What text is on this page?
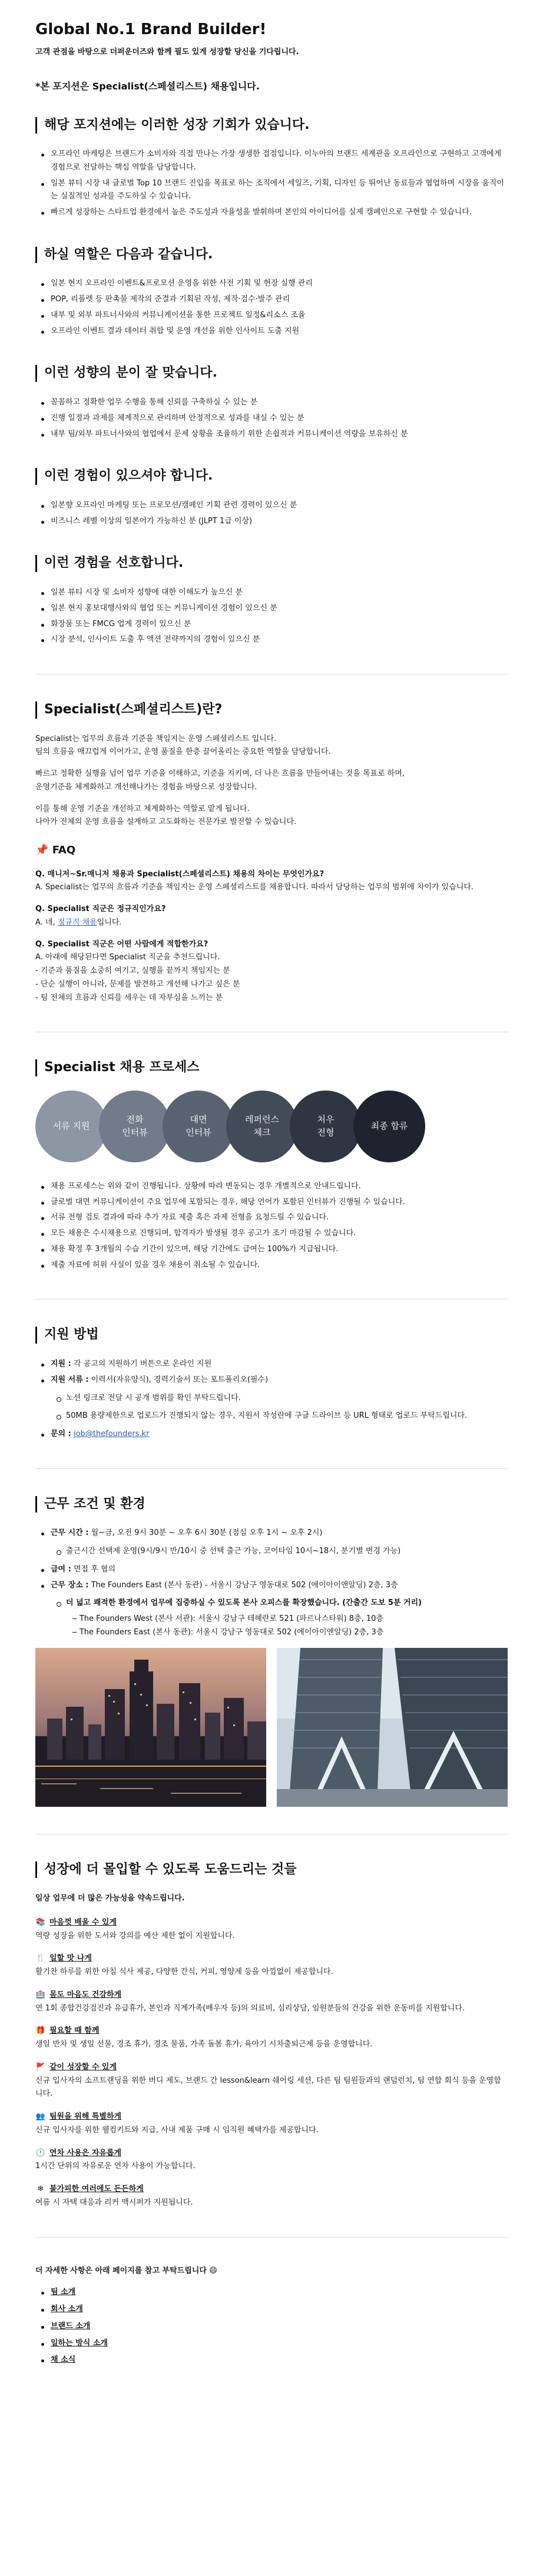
Global No.1 Brand Builder!
고객 관점을 바탕으로 더퍼운더즈와 함께 필도 있게 성장할 당신을 기다립니다.
*본 포지션은 Specialist(스페셜리스트) 채용입니다.
해당 포지션에는 이러한 성장 기회가 있습니다.
오프라인 마케팅은 브랜드가 소비자와 직접 만나는 가장 생생한 접점입니다. 이누아의 브랜드 세계관을 오프라인으로 구현하고 고객에게 경험으로 전달하는 핵심 역할을 담당합니다.
일본 뷰티 시장 내 글로벌 Top 10 브랜드 진입을 목표로 하는 조직에서 세일즈, 기획, 디자인 등 뛰어난 동료들과 협업하며 시장을 움직이는 실질적인 성과를 주도하실 수 있습니다.
빠르게 성장하는 스타트업 환경에서 높은 주도성과 자율성을 발휘하며 본인의 아이디어를 실제 캠페인으로 구현할 수 있습니다.
하실 역할은 다음과 같습니다.
일본 현지 오프라인 이벤트&프로모션 운영을 위한 사전 기획 및 현장 실행 관리
POP, 리플렛 등 판촉물 제작의 준결과 기획된 작성, 제작·검수·발주 관리
내부 및 외부 파트너사와의 커뮤니케이션을 통한 프로젝트 일정&리소스 조율
오프라인 이벤트 결과 데이터 취합 및 운영 개선을 위한 인사이트 도출 지원
이런 성향의 분이 잘 맞습니다.
꼼꼼하고 정확한 업무 수행을 통해 신뢰를 구축하실 수 있는 분
진행 일정과 과제를 체계적으로 관리하며 안정적으로 성과를 내실 수 있는 분
내부 팀/외부 파트너사와의 협업에서 문제 상황을 조율하기 위한 손쉽적과 커뮤니케이션 역량을 보유하신 분
이런 경험이 있으셔야 합니다.
일본향 오프라인 마케팅 또는 프로모션/캠페인 기획 관련 경력이 있으신 분
비즈니스 레벨 이상의 일본어가 가능하신 분 (JLPT 1급 이상)
이런 경험을 선호합니다.
일본 뷰티 시장 및 소비자 성향에 대한 이해도가 높으신 분
일본 현지 홍보대행사와의 협업 또는 커뮤니케이션 경험이 있으신 분
화장품 또는 FMCG 업계 경력이 있으신 분
시장 분석, 인사이트 도출 후 액션 전략까지의 경험이 있으신 분
Specialist(스페셜리스트)란?

Specialist는 업무의 흐름과 기준을 책임지는 운영 스페셜리스트 입니다.
팀의 흐름을 매끄럽게 이어가고, 운영 품질을 한층 끌어올리는 중요한 역할을 담당합니다.

빠르고 정확한 실행을 넘어 업무 기준을 이해하고, 기준을 지키며, 더 나은 흐름을 만들어내는 것을 목표로 하며,
운영기준을 체계화하고 개선해나가는 경험을 바탕으로 성장합니다.

이를 통해 운영 기준을 개선하고 체계화하는 역할로 맡게 됩니다.
나아가 전체의 운영 흐름을 설계하고 고도화하는 전문가로 발전할 수 있습니다.

📌 FAQ
Q. 매니저~Sr.매니저 채용과 Specialist(스페셜리스트) 채용의 차이는 무엇인가요?
A. Specialist는 업무의 흐름과 기준을 책임지는 운영 스페셜리스트를 채용합니다. 따라서 담당하는 업무의 범위에 차이가 있습니다.
Q. Specialist 직군은 정규직인가요?
A. 네, 정규직 채용입니다.
Q. Specialist 직군은 어떤 사람에게 적합한가요?
A. 아래에 해당된다면 Specialist 직군을 추천드립니다.
- 기준과 품질을 소중히 여기고, 실행을 끝까지 책임지는 분
- 단순 실행이 아니라, 문제를 발견하고 개선해 나가고 싶은 분
- 팀 전체의 흐름과 신뢰를 세우는 데 자부심을 느끼는 분
Specialist 채용 프로세스
서류 지원
전화
인터뷰
대면
인터뷰
레퍼런스
체크
처우
전형
최종 합류
채용 프로세스는 위와 같이 진행됩니다. 상황에 따라 변동되는 경우 개별적으로 안내드립니다.
글로벌 대면 커뮤니케이션이 주요 업무에 포함되는 경우, 해당 언어가 포함된 인터뷰가 진행될 수 있습니다.
서류 전형 검토 결과에 따라 추가 자료 제출 혹은 과제 전형을 요청드릴 수 있습니다.
모든 채용은 수시채용으로 진행되며, 합격자가 발생될 경우 공고가 조기 마감될 수 있습니다.
채용 확정 후 3개월의 수습 기간이 있으며, 해당 기간에도 급여는 100%가 지급됩니다.
제출 자료에 허위 사실이 있을 경우 채용이 취소될 수 있습니다.
지원 방법
지원 : 각 공고의 지원하기 버튼으로 온라인 지원
지원 서류 : 이력서(자유양식), 경력기술서 또는 포트폴리오(필수)
노션 링크로 전달 시 공개 범위를 확인 부탁드립니다.
50MB 용량제한으로 업로드가 진행되지 않는 경우, 지원서 작성란에 구글 드라이브 등 URL 형태로 업로드 부탁드립니다.
문의 : job@thefounders.kr
근무 조건 및 환경
근무 시간 : 월~금, 오전 9시 30분 ~ 오후 6시 30분 (점심 오후 1시 ~ 오후 2시)
출근시간 선택제 운영(9시/9시 반/10시 중 선택 출근 가능, 코어타임 10시~18시, 분기별 변경 가능)
급여 : 면접 후 협의
근무 장소 : The Founders East (본사 동관) - 서울시 강남구 영동대로 502 (에이아이앤알딩) 2층, 3층
더 넓고 쾌적한 환경에서 업무에 집중하실 수 있도록 본사 오피스를 확장했습니다. (간출간 도보 5분 거리)
– - The Founders West (본사 서관): 서울시 강남구 테헤란로 521 (파르나스타워) 8층, 10층
– - The Founders East (본사 동관): 서울시 강남구 영동대로 502 (에이아이앤알딩) 2층, 3층
성장에 더 몰입할 수 있도록 도움드리는 것들
일상 업무에 더 많은 가능성을 약속드립니다.
📚 마음껏 배울 수 있게
역량 성장을 위한 도서와 강의를 예산 제한 없이 지원합니다.
🍴 일할 맛 나게
활기찬 하루를 위한 아침 식사 제공, 다양한 간식, 커피, 영양제 등을 아낌없이 제공합니다.
🏥 몸도 마음도 건강하게
연 1회 종합건강검진과 유급휴가, 본인과 직계가족(배우자 등)의 의료비, 심리상담, 임원분들의 건강을 위한 운동비를 지원합니다.
🎁 필요할 때 함께
생일 반차 및 생일 선물, 경조 휴가, 경조 물품, 가족 돌봄 휴가, 육아기 시차출퇴근제 등을 운영합니다.
🚩 같이 성장할 수 있게
신규 입사자의 소프트랜딩을 위한 버디 제도, 브랜드 간 lesson&learn 쉐어링 세션, 다른 팀 팀원들과의 랜덤런치, 팀 연합 회식 등을 운영합니다.
👥 팀원을 위해 특별하게
신규 입사자를 위한 웰컴키트와 지급, 사내 제품 구매 시 임직원 혜택가를 제공합니다.
🕐 연차 사용은 자유롭게
1시간 단위의 자유로운 연차 사용이 가능합니다.
❄ 불가피한 여러에도 든든하게
여름 시 자택 대응과 리커 맥시퍼가 지원됩니다.
더 자세한 사항은 아래 페이지를 참고 부탁드립니다 😄
팀 소개
회사 소개
브랜드 소개
일하는 방식 소개
채 소식
